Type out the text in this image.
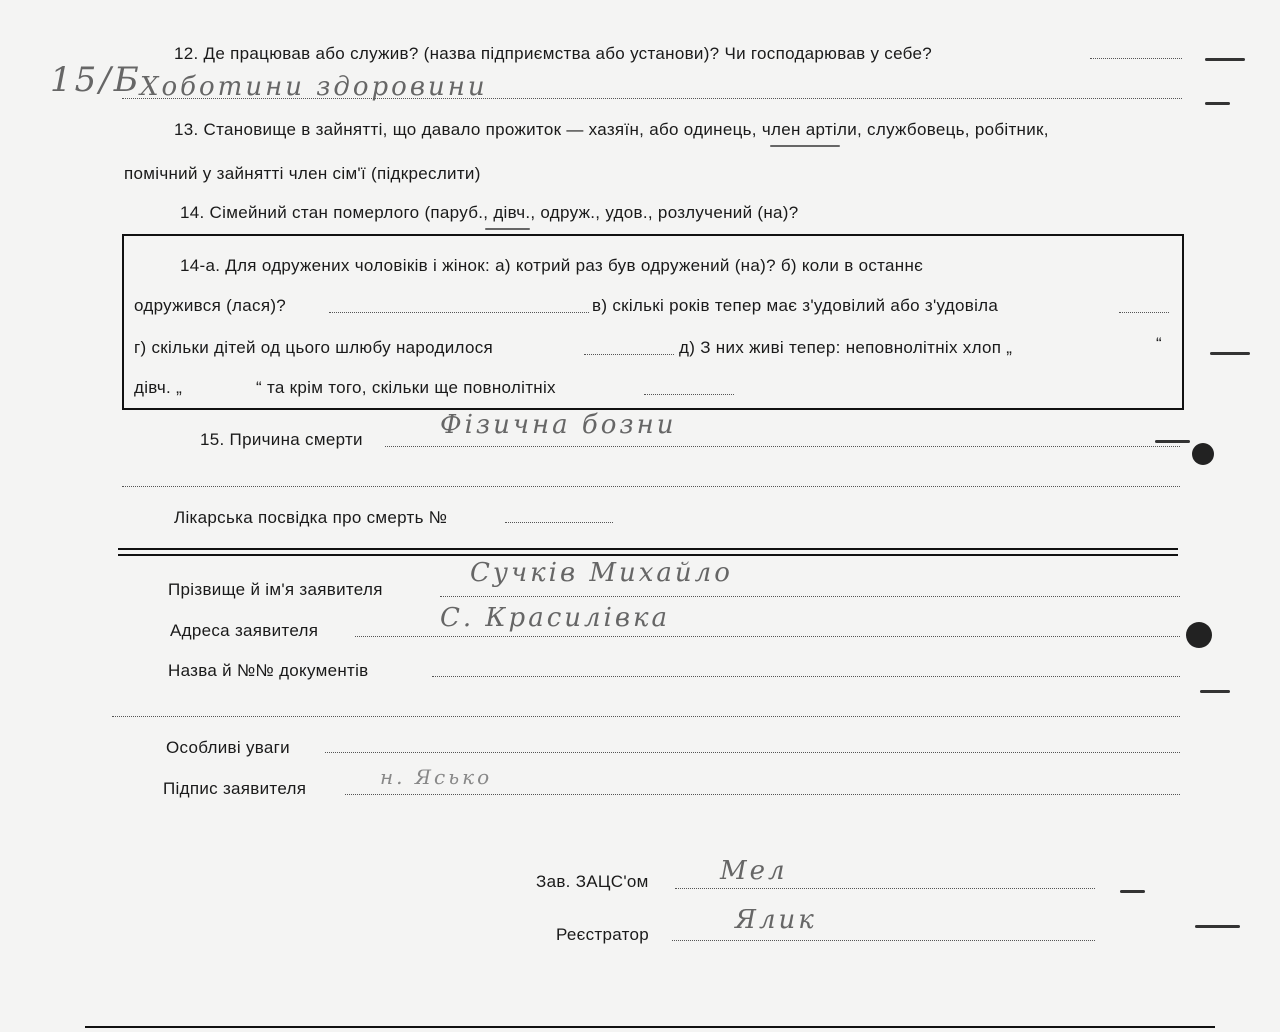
15/Б
12. Де працював або служив? (назва підприємства або установи)? Чи господарював у себе?
Хоботини здоровини
13. Становище в зайнятті, що давало прожиток — хазяїн, або одинець, член артіли, службовець, робітник,
помічний у зайнятті член сім'ї (підкреслити)
14. Сімейний стан померлого (паруб., дівч., одруж., удов., розлучений (на)?
14-а. Для одружених чоловіків і жінок: а) котрий раз був одружений (на)? б) коли в останнє
одружився (лася)?	в) скількі років тепер має з'удовілий або з'удовіла
г) скільки дітей од цього шлюбу народилося	д) З них живі тепер: неповнолітніх хлоп „	“
дівч. „	“ та крім того, скільки ще повнолітніх
15. Причина смерти	Фізична бозни
Лікарська посвідка про смерть №
Прізвище й ім'я заявителя
Сучків Михайло
Адреса заявителя	С. Красилівка
Назва й №№ документів
Особливі уваги
Підпис заявителя	н. Ясько
Зав. ЗАЦС'ом	Мел
Реєстратор	Ялик
